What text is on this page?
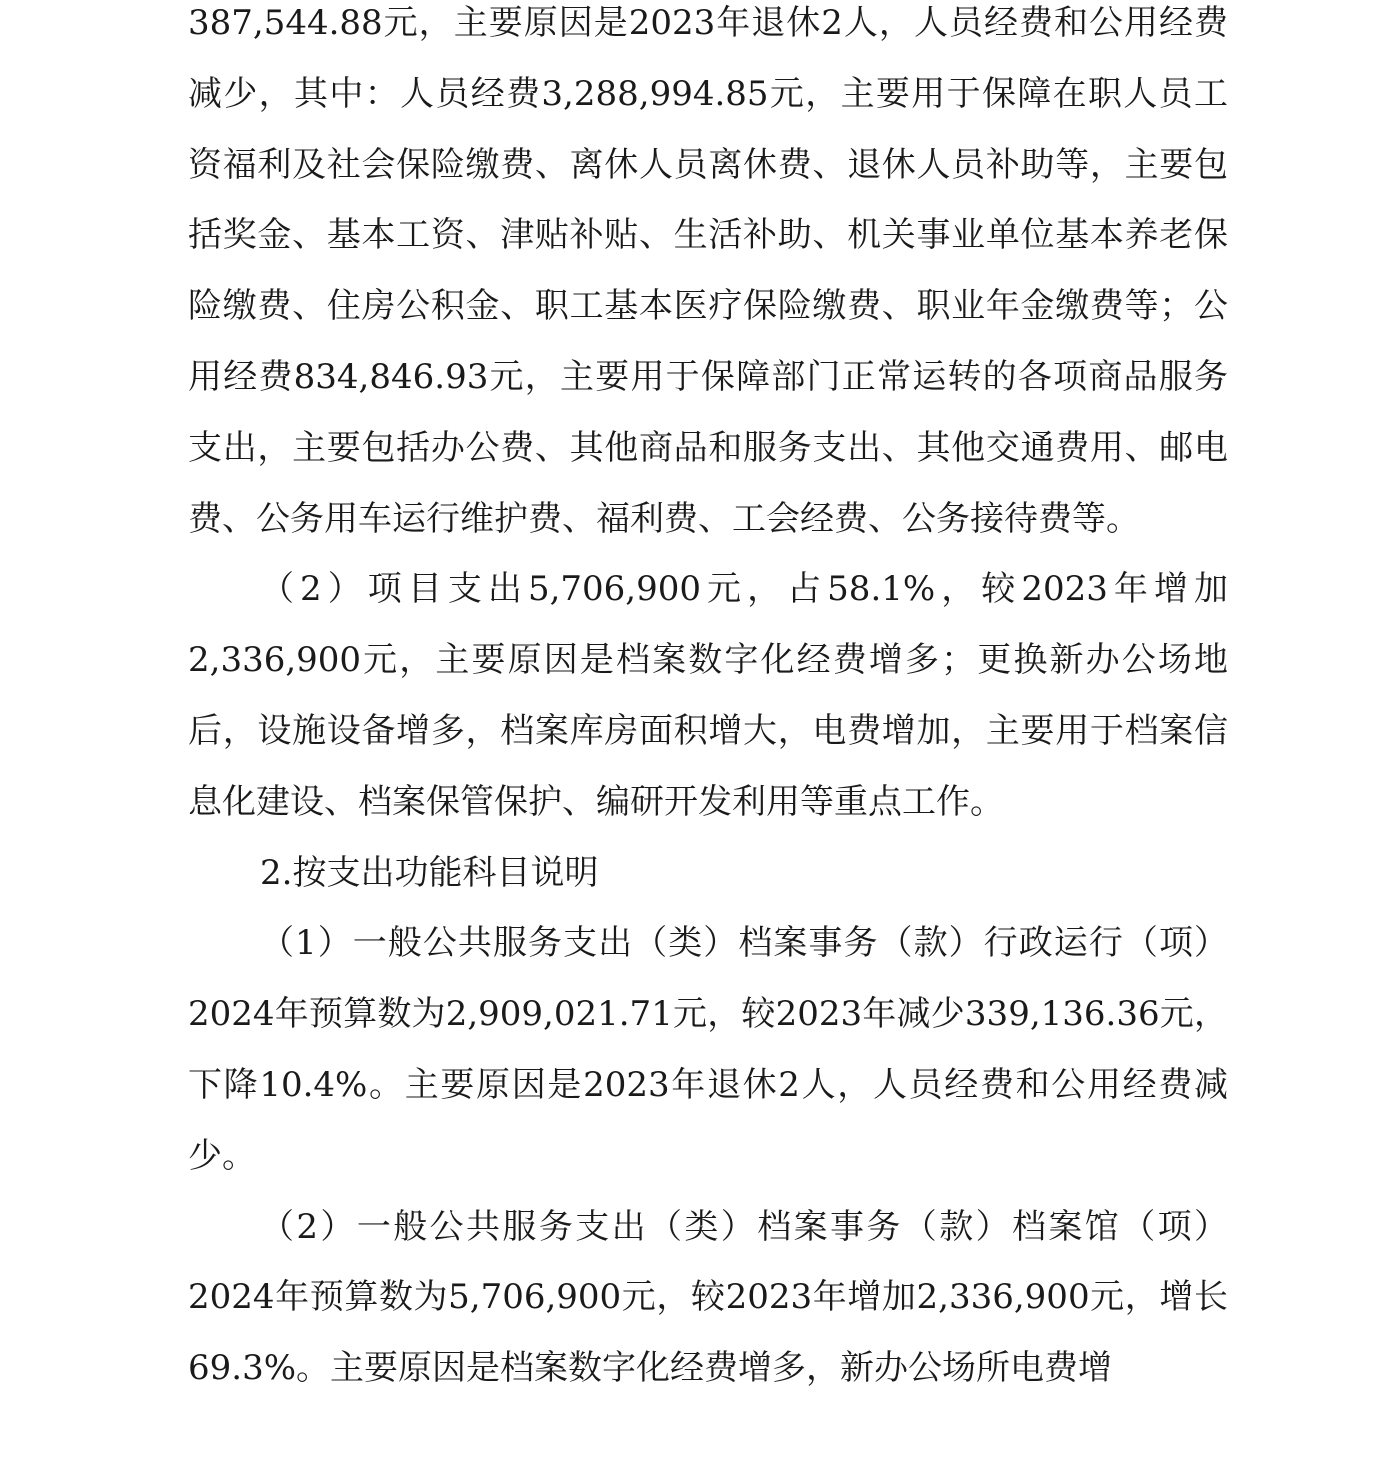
387,544.88元，主要原因是2023年退休2人，人员经费和公用经费减少，其中：人员经费3,288,994.85元，主要用于保障在职人员工资福利及社会保险缴费、离休人员离休费、退休人员补助等，主要包括奖金、基本工资、津贴补贴、生活补助、机关事业单位基本养老保险缴费、住房公积金、职工基本医疗保险缴费、职业年金缴费等；公用经费834,846.93元，主要用于保障部门正常运转的各项商品服务支出，主要包括办公费、其他商品和服务支出、其他交通费用、邮电费、公务用车运行维护费、福利费、工会经费、公务接待费等。

（2）项目支出5,706,900元，占58.1%，较2023年增加2,336,900元，主要原因是档案数字化经费增多；更换新办公场地后，设施设备增多，档案库房面积增大，电费增加，主要用于档案信息化建设、档案保管保护、编研开发利用等重点工作。

2.按支出功能科目说明

（1）一般公共服务支出（类）档案事务（款）行政运行（项）2024年预算数为2,909,021.71元，较2023年减少339,136.36元，下降10.4%。主要原因是2023年退休2人，人员经费和公用经费减少。

（2）一般公共服务支出（类）档案事务（款）档案馆（项）2024年预算数为5,706,900元，较2023年增加2,336,900元，增长69.3%。主要原因是档案数字化经费增多，新办公场所电费增
